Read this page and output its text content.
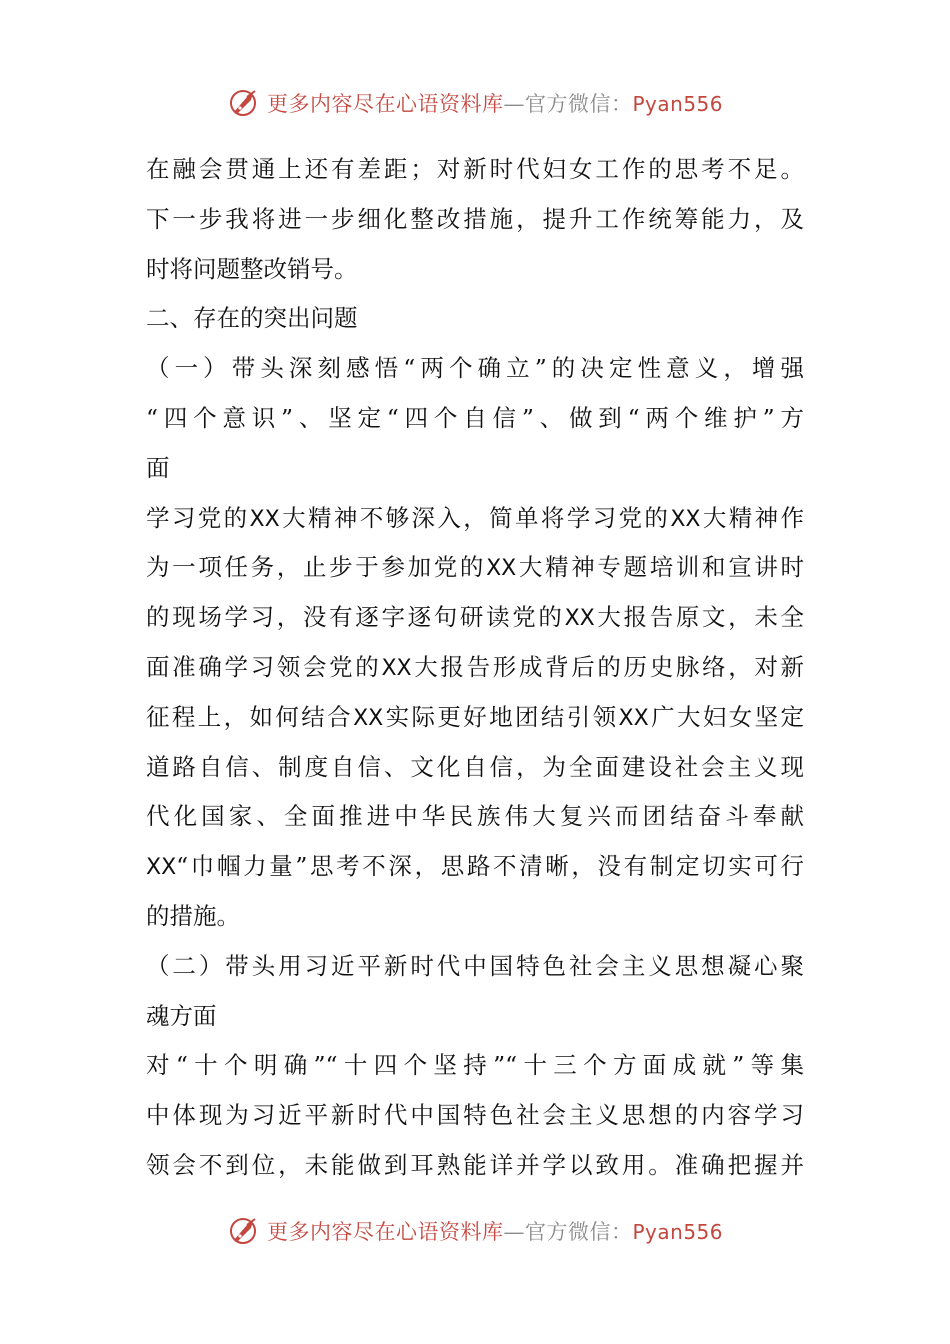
更多内容尽在心语资料库—官方微信：Pyan556
在融会贯通上还有差距；对新时代妇女工作的思考不足。
下一步我将进一步细化整改措施，提升工作统筹能力，及
时将问题整改销号。
二、存在的突出问题
（一）带头深刻感悟“两个确立”的决定性意义，增强
“四个意识”、坚定“四个自信”、做到“两个维护”方
面
学习党的XX大精神不够深入，简单将学习党的XX大精神作
为一项任务，止步于参加党的XX大精神专题培训和宣讲时
的现场学习，没有逐字逐句研读党的XX大报告原文，未全
面准确学习领会党的XX大报告形成背后的历史脉络，对新
征程上，如何结合XX实际更好地团结引领XX广大妇女坚定
道路自信、制度自信、文化自信，为全面建设社会主义现
代化国家、全面推进中华民族伟大复兴而团结奋斗奉献
XX“巾帼力量”思考不深，思路不清晰，没有制定切实可行
的措施。
（二）带头用习近平新时代中国特色社会主义思想凝心聚
魂方面
对“十个明确”“十四个坚持”“十三个方面成就”等集
中体现为习近平新时代中国特色社会主义思想的内容学习
领会不到位，未能做到耳熟能详并学以致用。准确把握并
更多内容尽在心语资料库—官方微信：Pyan556
